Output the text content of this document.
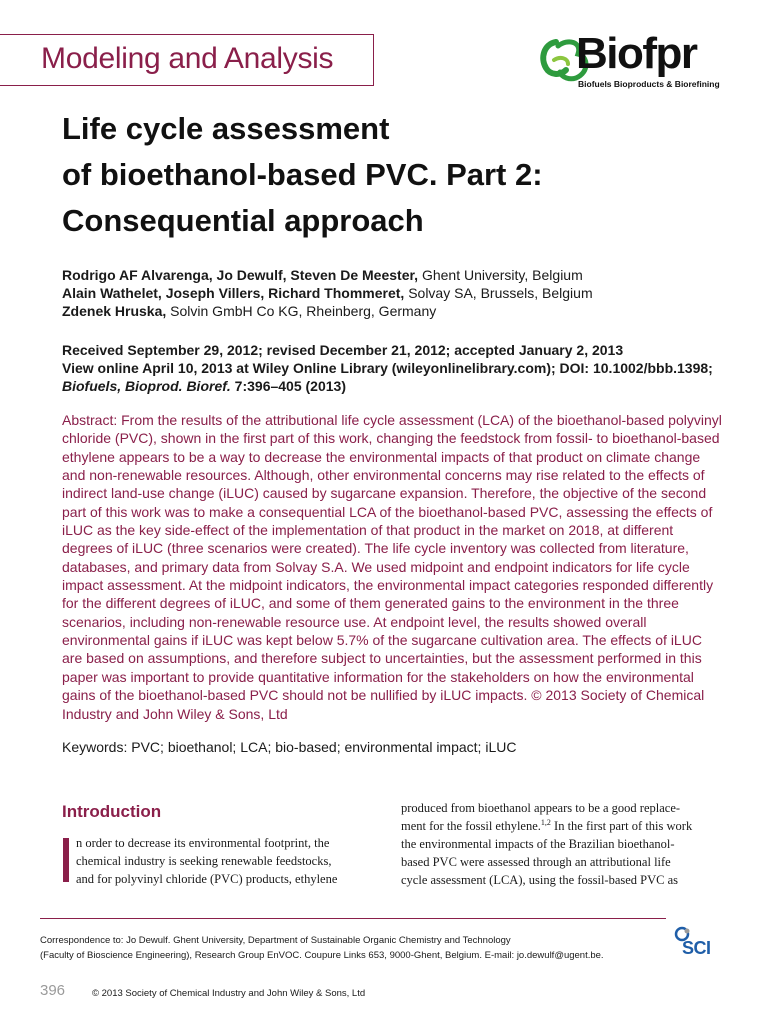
Modeling and Analysis	Biofpr
Biofuels Bioproducts & Biorefining
Life cycle assessment
of bioethanol-based PVC. Part 2:
Consequential approach
Rodrigo AF Alvarenga, Jo Dewulf, Steven De Meester, Ghent University, Belgium
Alain Wathelet, Joseph Villers, Richard Thommeret, Solvay SA, Brussels, Belgium
Zdenek Hruska, Solvin GmbH Co KG, Rheinberg, Germany
Received September 29, 2012; revised December 21, 2012; accepted January 2, 2013
View online April 10, 2013 at Wiley Online Library (wileyonlinelibrary.com); DOI: 10.1002/bbb.1398;
Biofuels, Bioprod. Bioref. 7:396–405 (2013)
Abstract: From the results of the attributional life cycle assessment (LCA) of the bioethanol-based polyvinyl chloride (PVC), shown in the first part of this work, changing the feedstock from fossil- to bioethanol-based ethylene appears to be a way to decrease the environmental impacts of that product on climate change and non-renewable resources. Although, other environmental concerns may rise related to the effects of indirect land-use change (iLUC) caused by sugarcane expansion. Therefore, the objective of the second part of this work was to make a consequential LCA of the bioethanol-based PVC, assessing the effects of iLUC as the key side-effect of the implementation of that product in the market on 2018, at different degrees of iLUC (three scenarios were created). The life cycle inventory was collected from literature, databases, and primary data from Solvay S.A. We used midpoint and endpoint indicators for life cycle impact assessment. At the midpoint indicators, the environmental impact categories responded differently for the different degrees of iLUC, and some of them generated gains to the environment in the three scenarios, including non-renewable resource use. At endpoint level, the results showed overall environmental gains if iLUC was kept below 5.7% of the sugarcane cultivation area. The effects of iLUC are based on assumptions, and therefore subject to uncertainties, but the assessment performed in this paper was important to provide quantitative information for the stakeholders on how the environmental gains of the bioethanol-based PVC should not be nullified by iLUC impacts. © 2013 Society of Chemical Industry and John Wiley & Sons, Ltd
Keywords: PVC; bioethanol; LCA; bio-based; environmental impact; iLUC
Introduction
n order to decrease its environmental footprint, the
chemical industry is seeking renewable feedstocks,
and for polyvinyl chloride (PVC) products, ethylene
produced from bioethanol appears to be a good replace-
ment for the fossil ethylene.$^{1,2}$ In the first part of this work
the environmental impacts of the Brazilian bioethanol-
based PVC were assessed through an attributional life
cycle assessment (LCA), using the fossil-based PVC as
Correspondence to: Jo Dewulf. Ghent University, Department of Sustainable Organic Chemistry and Technology
(Faculty of Bioscience Engineering), Research Group EnVOC. Coupure Links 653, 9000-Ghent, Belgium. E-mail: jo.dewulf@ugent.be.	SCI
396	© 2013 Society of Chemical Industry and John Wiley & Sons, Ltd
